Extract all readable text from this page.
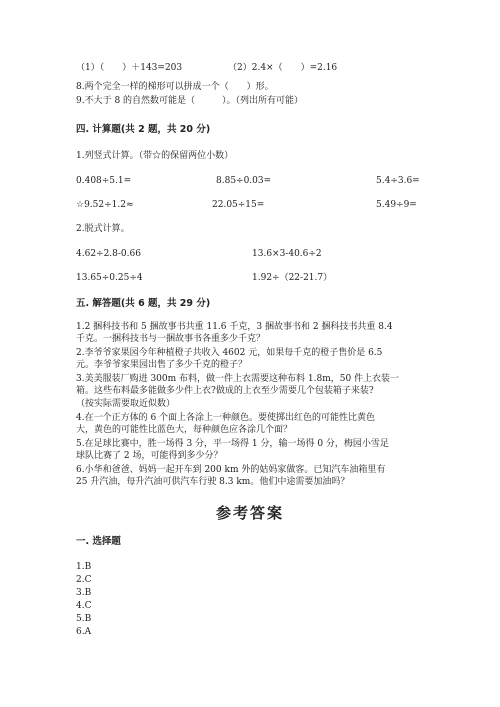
（1）（　　）＋143=203	（2）2.4×（　　）=2.16
8.两个完全一样的梯形可以拼成一个（　　）形。
9.不大于 8 的自然数可能是（　　　）。（列出所有可能）
四. 计算题(共 2 题，共 20 分)
1.列竖式计算。（带☆的保留两位小数）
0.408÷5.1=	8.85÷0.03=	5.4÷3.6=
☆9.52÷1.2≈	22.05÷15=	5.49÷9=
2.脱式计算。
4.62÷2.8-0.66	13.6×3-40.6÷2
13.65÷0.25÷4	1.92÷（22-21.7）
五. 解答题(共 6 题，共 29 分)
1.2 捆科技书和 5 捆故事书共重 11.6 千克，3 捆故事书和 2 捆科技书共重 8.4
千克。一捆科技书与一捆故事书各重多少千克？
2.李爷爷家果园今年种植橙子共收入 4602 元，如果每千克的橙子售价是 6.5
元。李爷爷家果园出售了多少千克的橙子？
3.美美服装厂购进 300m 布料，做一件上衣需要这种布料 1.8m，50 件上衣装一
箱。这些布料最多能做多少件上衣?做成的上衣至少需要几个包装箱子来装?
（按实际需要取近似数）
4.在一个正方体的 6 个面上各涂上一种颜色。要使掷出红色的可能性比黄色
大，黄色的可能性比蓝色大，每种颜色应各涂几个面？
5.在足球比赛中，胜一场得 3 分，平一场得 1 分，输一场得 0 分，梅园小雪足
球队比赛了 2 场，可能得到多少分？
6.小华和爸爸、妈妈一起开车到 200 km 外的姑妈家做客。已知汽车油箱里有
25 升汽油，每升汽油可供汽车行驶 8.3 km。他们中途需要加油吗？
参考答案
一. 选择题
1.B
2.C
3.B
4.C
5.B
6.A
